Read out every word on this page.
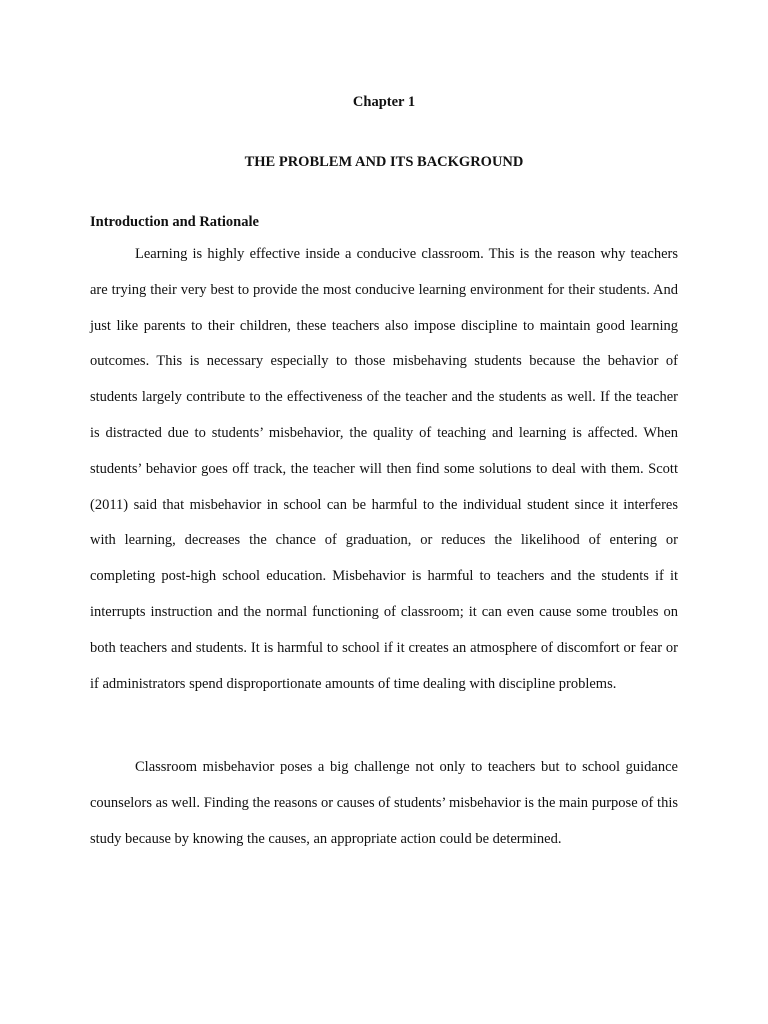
Chapter 1
THE PROBLEM AND ITS BACKGROUND
Introduction and Rationale

Learning is highly effective inside a conducive classroom. This is the reason why teachers are trying their very best to provide the most conducive learning environment for their students. And just like parents to their children, these teachers also impose discipline to maintain good learning outcomes. This is necessary especially to those misbehaving students because the behavior of students largely contribute to the effectiveness of the teacher and the students as well. If the teacher is distracted due to students’ misbehavior, the quality of teaching and learning is affected. When students’ behavior goes off track, the teacher will then find some solutions to deal with them. Scott (2011) said that misbehavior in school can be harmful to the individual student since it interferes with learning, decreases the chance of graduation, or reduces the likelihood of entering or completing post-high school education. Misbehavior is harmful to teachers and the students if it interrupts instruction and the normal functioning of classroom; it can even cause some troubles on both teachers and students. It is harmful to school if it creates an atmosphere of discomfort or fear or if administrators spend disproportionate amounts of time dealing with discipline problems.

Classroom misbehavior poses a big challenge not only to teachers but to school guidance counselors as well. Finding the reasons or causes of students’ misbehavior is the main purpose of this study because by knowing the causes, an appropriate action could be determined.
